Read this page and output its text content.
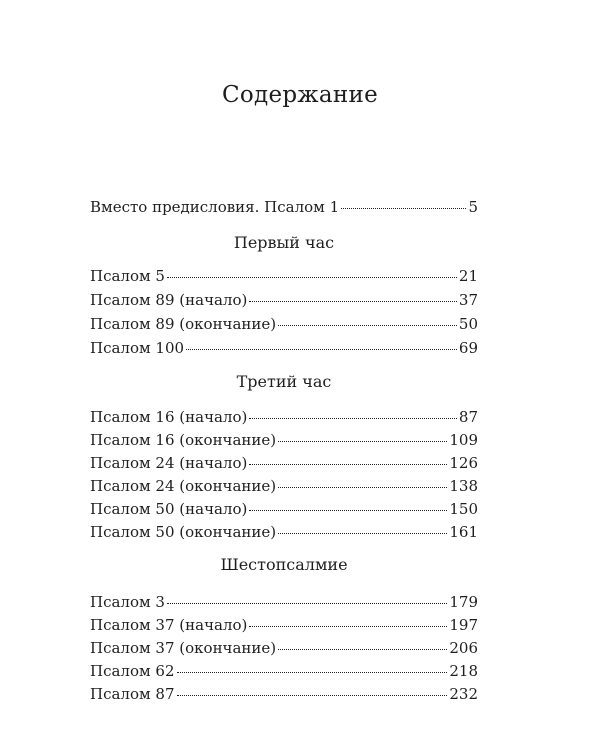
Содержание
Вместо предисловия. Псалом 1	5
Первый час
Псалом 5	21
Псалом 89 (начало)	37
Псалом 89 (окончание)	50
Псалом 100	69
Третий час
Псалом 16 (начало)	87
Псалом 16 (окончание)	109
Псалом 24 (начало)	126
Псалом 24 (окончание)	138
Псалом 50 (начало)	150
Псалом 50 (окончание)	161
Шестопсалмие
Псалом 3	179
Псалом 37 (начало)	197
Псалом 37 (окончание)	206
Псалом 62	218
Псалом 87	232
